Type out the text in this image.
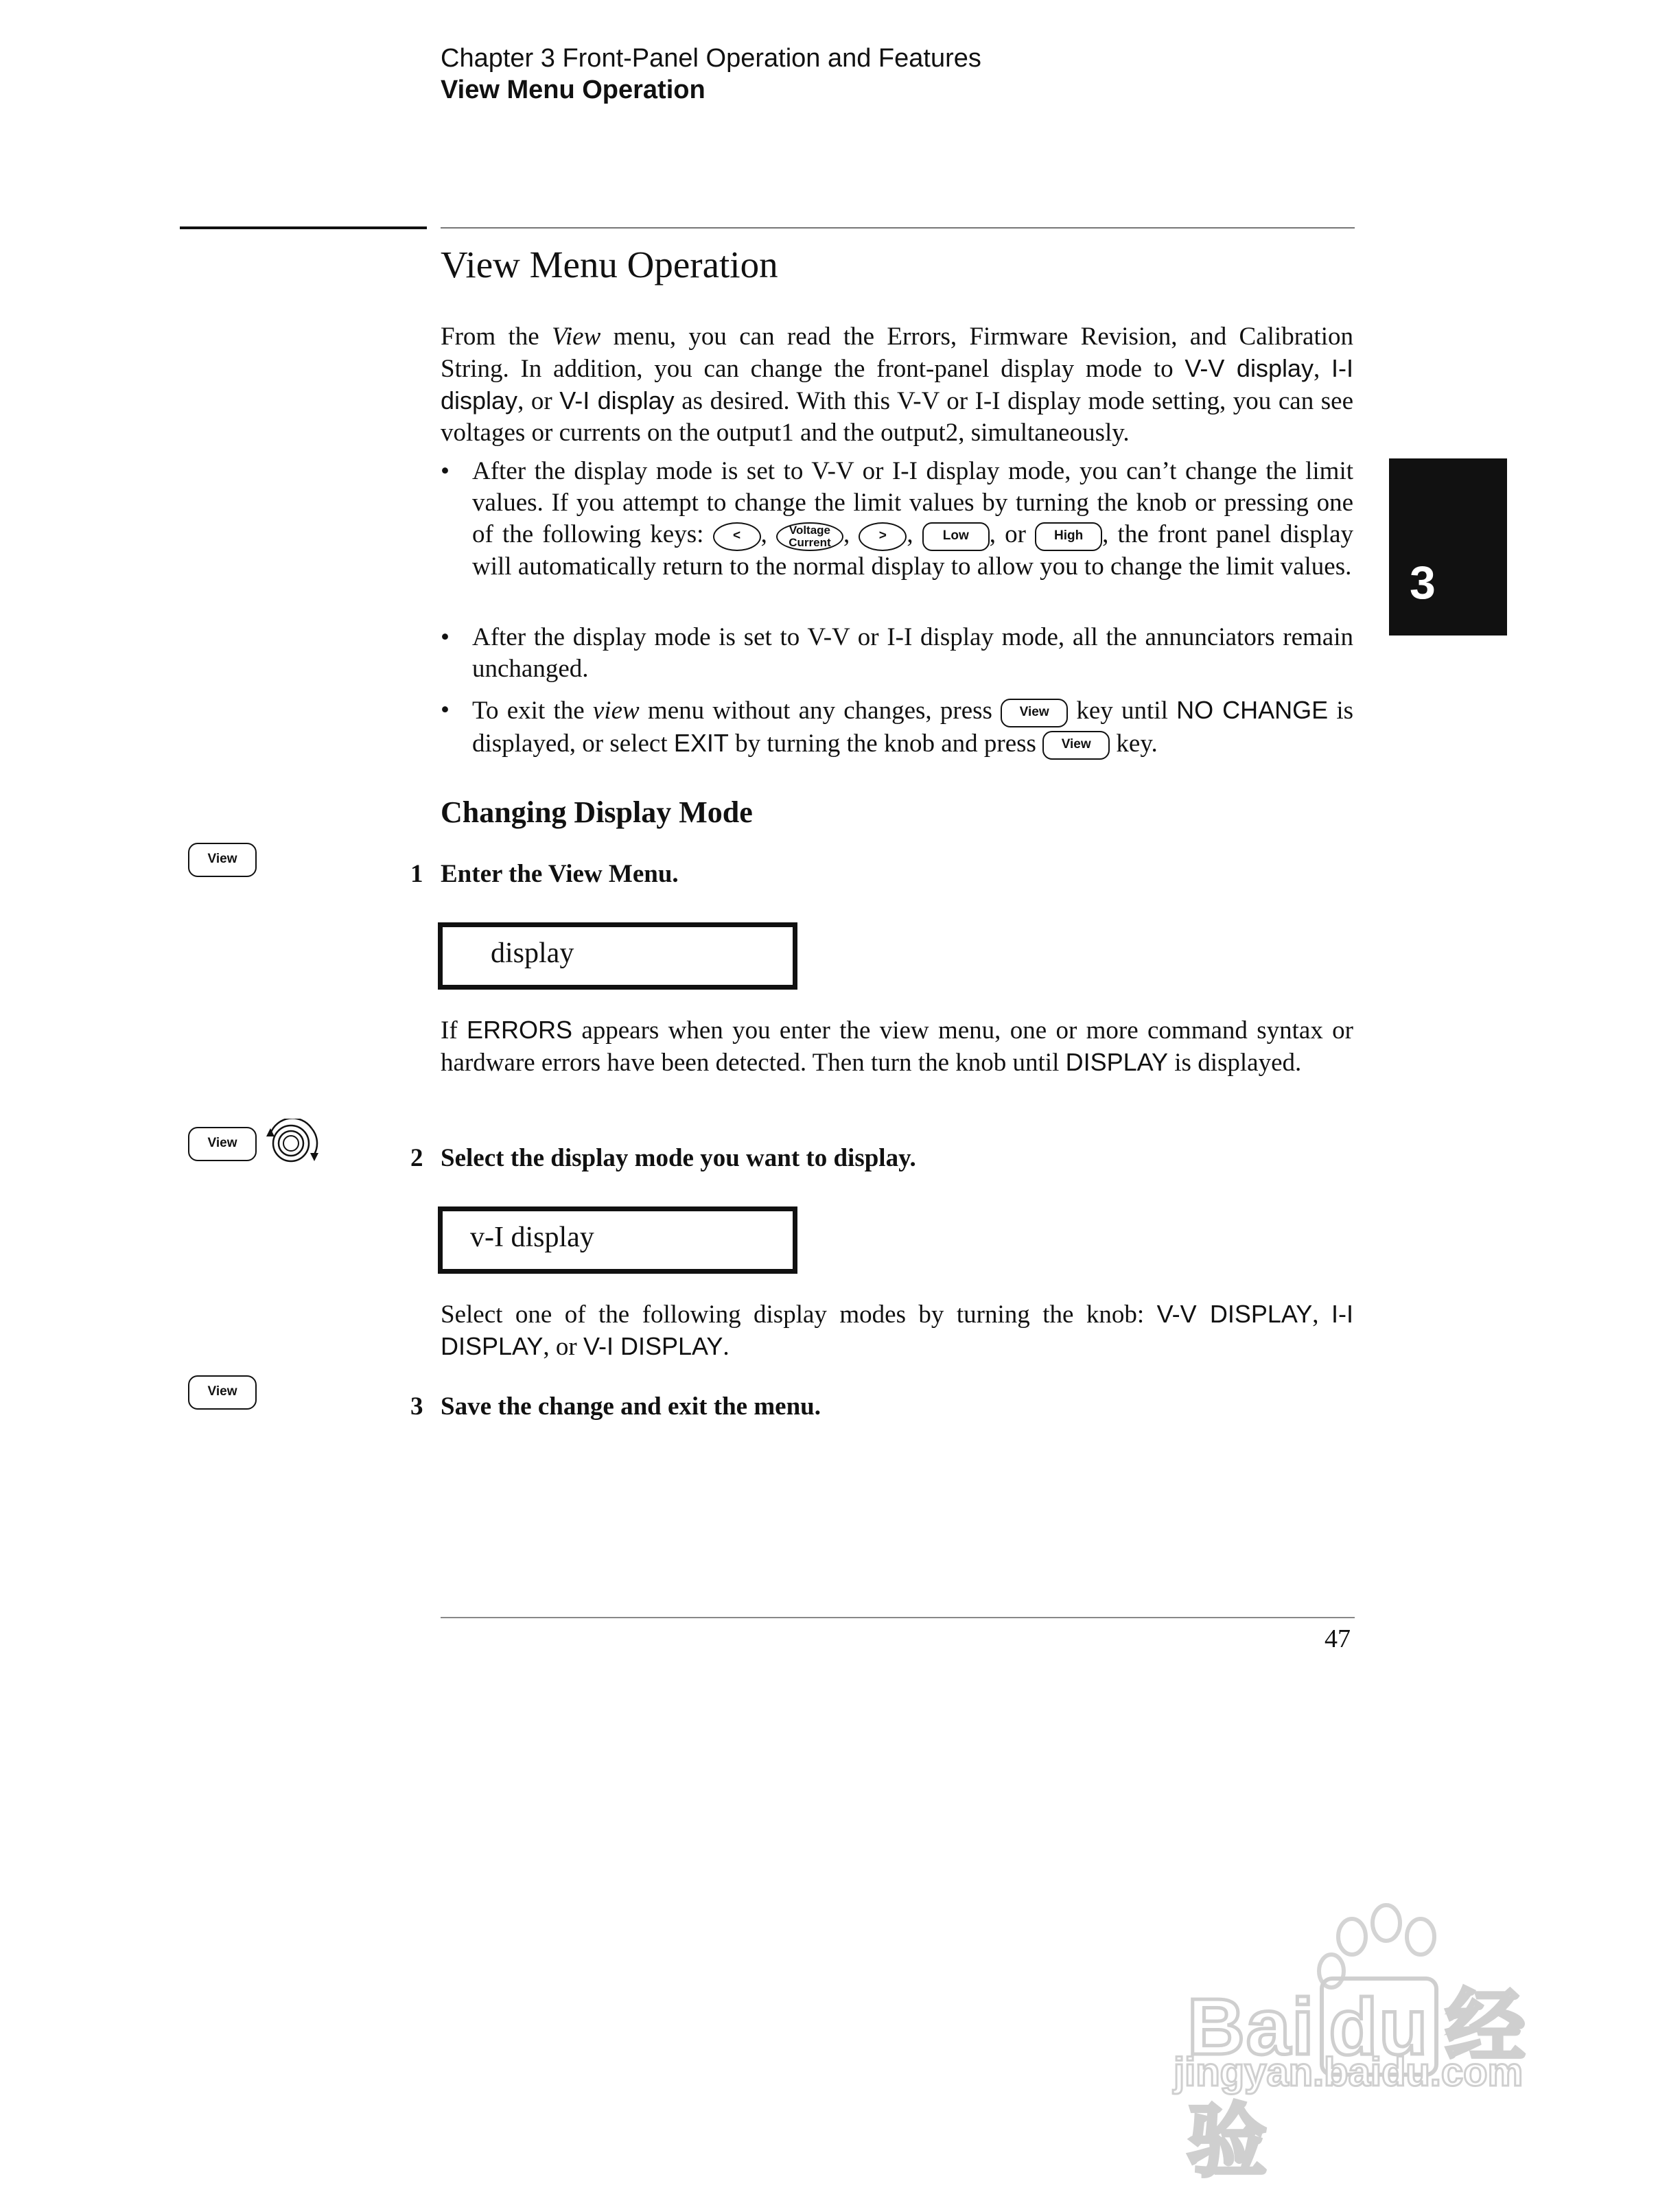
Chapter 3 Front-Panel Operation and Features
View Menu Operation
3
View Menu Operation
From the View menu, you can read the Errors, Firmware Revision, and Calibration String. In addition, you can change the front-panel display mode to V-V display, I-I display, or V-I display as desired. With this V-V or I-I display mode setting, you can see voltages or currents on the output1 and the output2, simultaneously.
• After the display mode is set to V-V or I-I display mode, you can’t change the limit values. If you attempt to change the limit values by turning the knob or pressing one of the following keys: < ,	Voltage
Current , > , Low , or High , the front panel display will automatically return to the normal display to allow you to change the limit values.
• After the display mode is set to V-V or I-I display mode, all the annunciators remain unchanged.
• To exit the view menu without any changes, press View key until NO CHANGE is displayed, or select EXIT by turning the knob and press View key.
Changing Display Mode
View
1 Enter the View Menu.
display
If ERRORS appears when you enter the view menu, one or more command syntax or hardware errors have been detected. Then turn the knob until DISPLAY is displayed.
View
2 Select the display mode you want to display.
v-I display
Select one of the following display modes by turning the knob: V-V DISPLAY, I-I DISPLAY, or V-I DISPLAY.
View
3 Save the change and exit the menu.
47
Bai du 经验
jingyan.baidu.com
